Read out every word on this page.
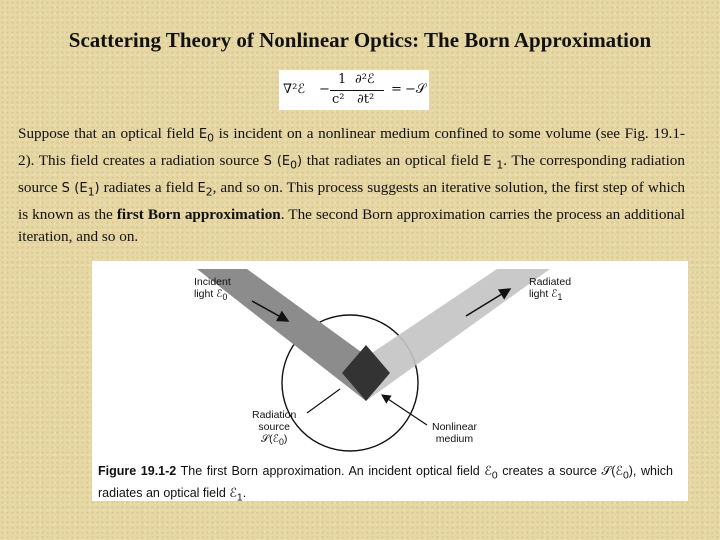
Scattering Theory of Nonlinear Optics: The Born Approximation
∇²ℰ −
1
c²
∂²ℰ
∂t²
= −𝒮

Suppose that an optical field $E_0$ is incident on a nonlinear medium confined to some volume (see Fig. 19.1-2). This field creates a radiation source S $(E_0)$ that radiates an optical field E $_1$. The corresponding radiation source S $(E_1)$ radiates a field $E_2$, and so on. This process suggests an iterative solution, the first step of which is known as the first Born approximation. The second Born approximation carries the process an additional iteration, and so on.

Incident
light ℰ$_0$
Radiated
light ℰ$_1$
Radiation
source
𝒮(ℰ$_0$)
Nonlinear
medium
Figure 19.1-2 The first Born approximation. An incident optical field ℰ$_0$ creates a source 𝒮(ℰ$_0$), which radiates an optical field ℰ$_1$.
